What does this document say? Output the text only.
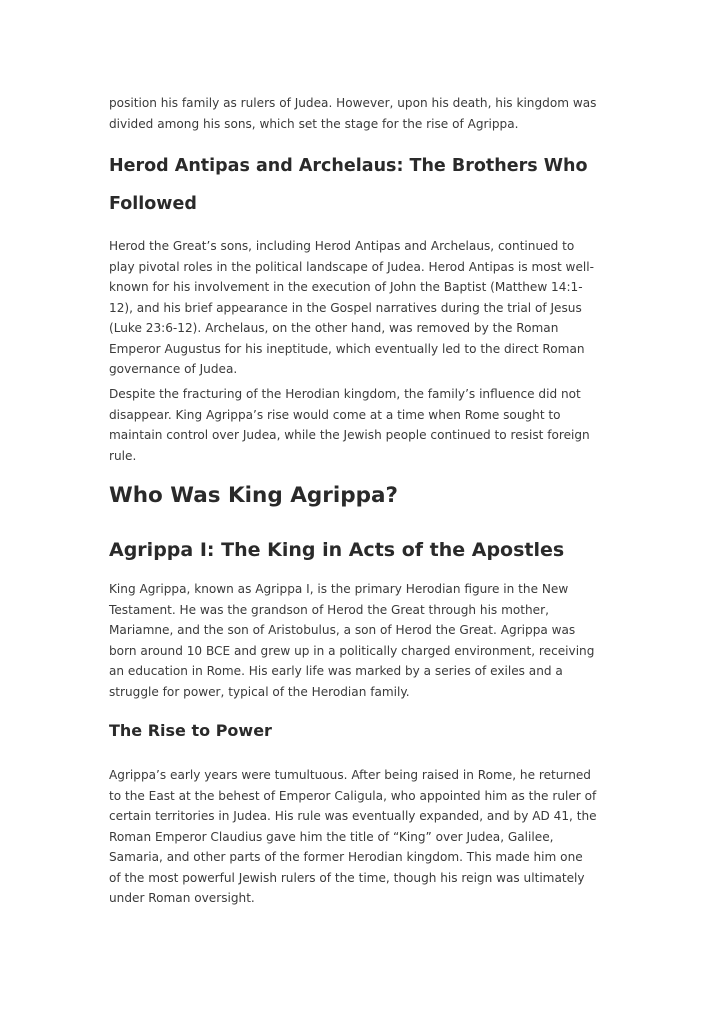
position his family as rulers of Judea. However, upon his death, his kingdom was
divided among his sons, which set the stage for the rise of Agrippa.

Herod Antipas and Archelaus: The Brothers Who
Followed

Herod the Great’s sons, including Herod Antipas and Archelaus, continued to
play pivotal roles in the political landscape of Judea. Herod Antipas is most well-
known for his involvement in the execution of John the Baptist (Matthew 14:1-
12), and his brief appearance in the Gospel narratives during the trial of Jesus
(Luke 23:6-12). Archelaus, on the other hand, was removed by the Roman
Emperor Augustus for his ineptitude, which eventually led to the direct Roman
governance of Judea.

Despite the fracturing of the Herodian kingdom, the family’s influence did not
disappear. King Agrippa’s rise would come at a time when Rome sought to
maintain control over Judea, while the Jewish people continued to resist foreign
rule.

Who Was King Agrippa?
Agrippa I: The King in Acts of the Apostles

King Agrippa, known as Agrippa I, is the primary Herodian figure in the New
Testament. He was the grandson of Herod the Great through his mother,
Mariamne, and the son of Aristobulus, a son of Herod the Great. Agrippa was
born around 10 BCE and grew up in a politically charged environment, receiving
an education in Rome. His early life was marked by a series of exiles and a
struggle for power, typical of the Herodian family.

The Rise to Power

Agrippa’s early years were tumultuous. After being raised in Rome, he returned
to the East at the behest of Emperor Caligula, who appointed him as the ruler of
certain territories in Judea. His rule was eventually expanded, and by AD 41, the
Roman Emperor Claudius gave him the title of “King” over Judea, Galilee,
Samaria, and other parts of the former Herodian kingdom. This made him one
of the most powerful Jewish rulers of the time, though his reign was ultimately
under Roman oversight.
